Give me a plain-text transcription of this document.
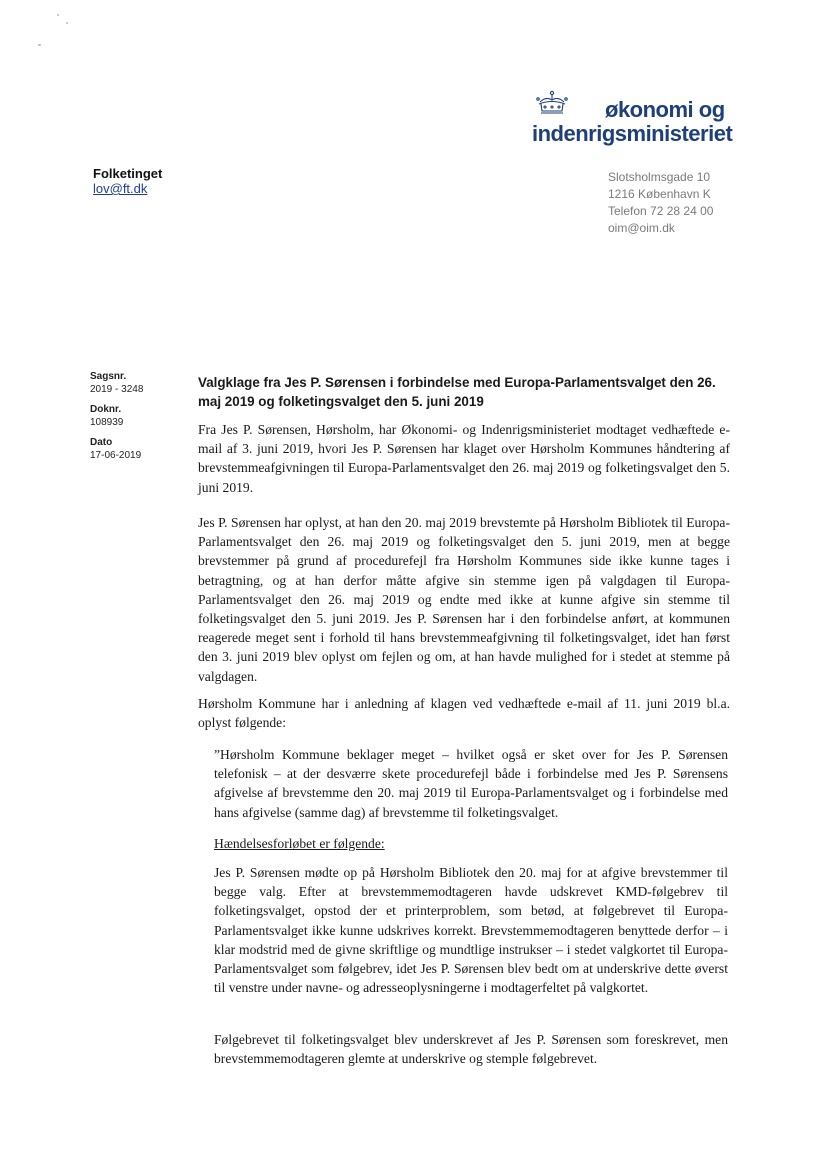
økonomi og
indenrigsministeriet
Folketinget
lov@ft.dk
Slotsholmsgade 10
1216 København K
Telefon 72 28 24 00
oim@oim.dk
Sagsnr.
2019 - 3248
Doknr.
108939
Dato
17-06-2019
Valgklage fra Jes P. Sørensen i forbindelse med Europa-Parlamentsvalget den 26. maj 2019 og folketingsvalget den 5. juni 2019
Fra Jes P. Sørensen, Hørsholm, har Økonomi- og Indenrigsministeriet modtaget vedhæftede e-mail af 3. juni 2019, hvori Jes P. Sørensen har klaget over Hørsholm Kommunes håndtering af brevstemmeafgivningen til Europa-Parlamentsvalget den 26. maj 2019 og folketingsvalget den 5. juni 2019.
Jes P. Sørensen har oplyst, at han den 20. maj 2019 brevstemte på Hørsholm Bibliotek til Europa-Parlamentsvalget den 26. maj 2019 og folketingsvalget den 5. juni 2019, men at begge brevstemmer på grund af procedurefejl fra Hørsholm Kommunes side ikke kunne tages i betragtning, og at han derfor måtte afgive sin stemme igen på valgdagen til Europa-Parlamentsvalget den 26. maj 2019 og endte med ikke at kunne afgive sin stemme til folketingsvalget den 5. juni 2019. Jes P. Sørensen har i den forbindelse anført, at kommunen reagerede meget sent i forhold til hans brevstemmeafgivning til folketingsvalget, idet han først den 3. juni 2019 blev oplyst om fejlen og om, at han havde mulighed for i stedet at stemme på valgdagen.
Hørsholm Kommune har i anledning af klagen ved vedhæftede e-mail af 11. juni 2019 bl.a. oplyst følgende:
”Hørsholm Kommune beklager meget – hvilket også er sket over for Jes P. Sørensen telefonisk – at der desværre skete procedurefejl både i forbindelse med Jes P. Sørensens afgivelse af brevstemme den 20. maj 2019 til Europa-Parlamentsvalget og i forbindelse med hans afgivelse (samme dag) af brevstemme til folketingsvalget.
Hændelsesforløbet er følgende:
Jes P. Sørensen mødte op på Hørsholm Bibliotek den 20. maj for at afgive brevstemmer til begge valg. Efter at brevstemmemodtageren havde udskrevet KMD-følgebrev til folketingsvalget, opstod der et printerproblem, som betød, at følgebrevet til Europa-Parlamentsvalget ikke kunne udskrives korrekt. Brevstemmemodtageren benyttede derfor – i klar modstrid med de givne skriftlige og mundtlige instrukser – i stedet valgkortet til Europa-Parlamentsvalget som følgebrev, idet Jes P. Sørensen blev bedt om at underskrive dette øverst til venstre under navne- og adresseoplysningerne i modtagerfeltet på valgkortet.
Følgebrevet til folketingsvalget blev underskrevet af Jes P. Sørensen som foreskrevet, men brevstemmemodtageren glemte at underskrive og stemple følgebrevet.
